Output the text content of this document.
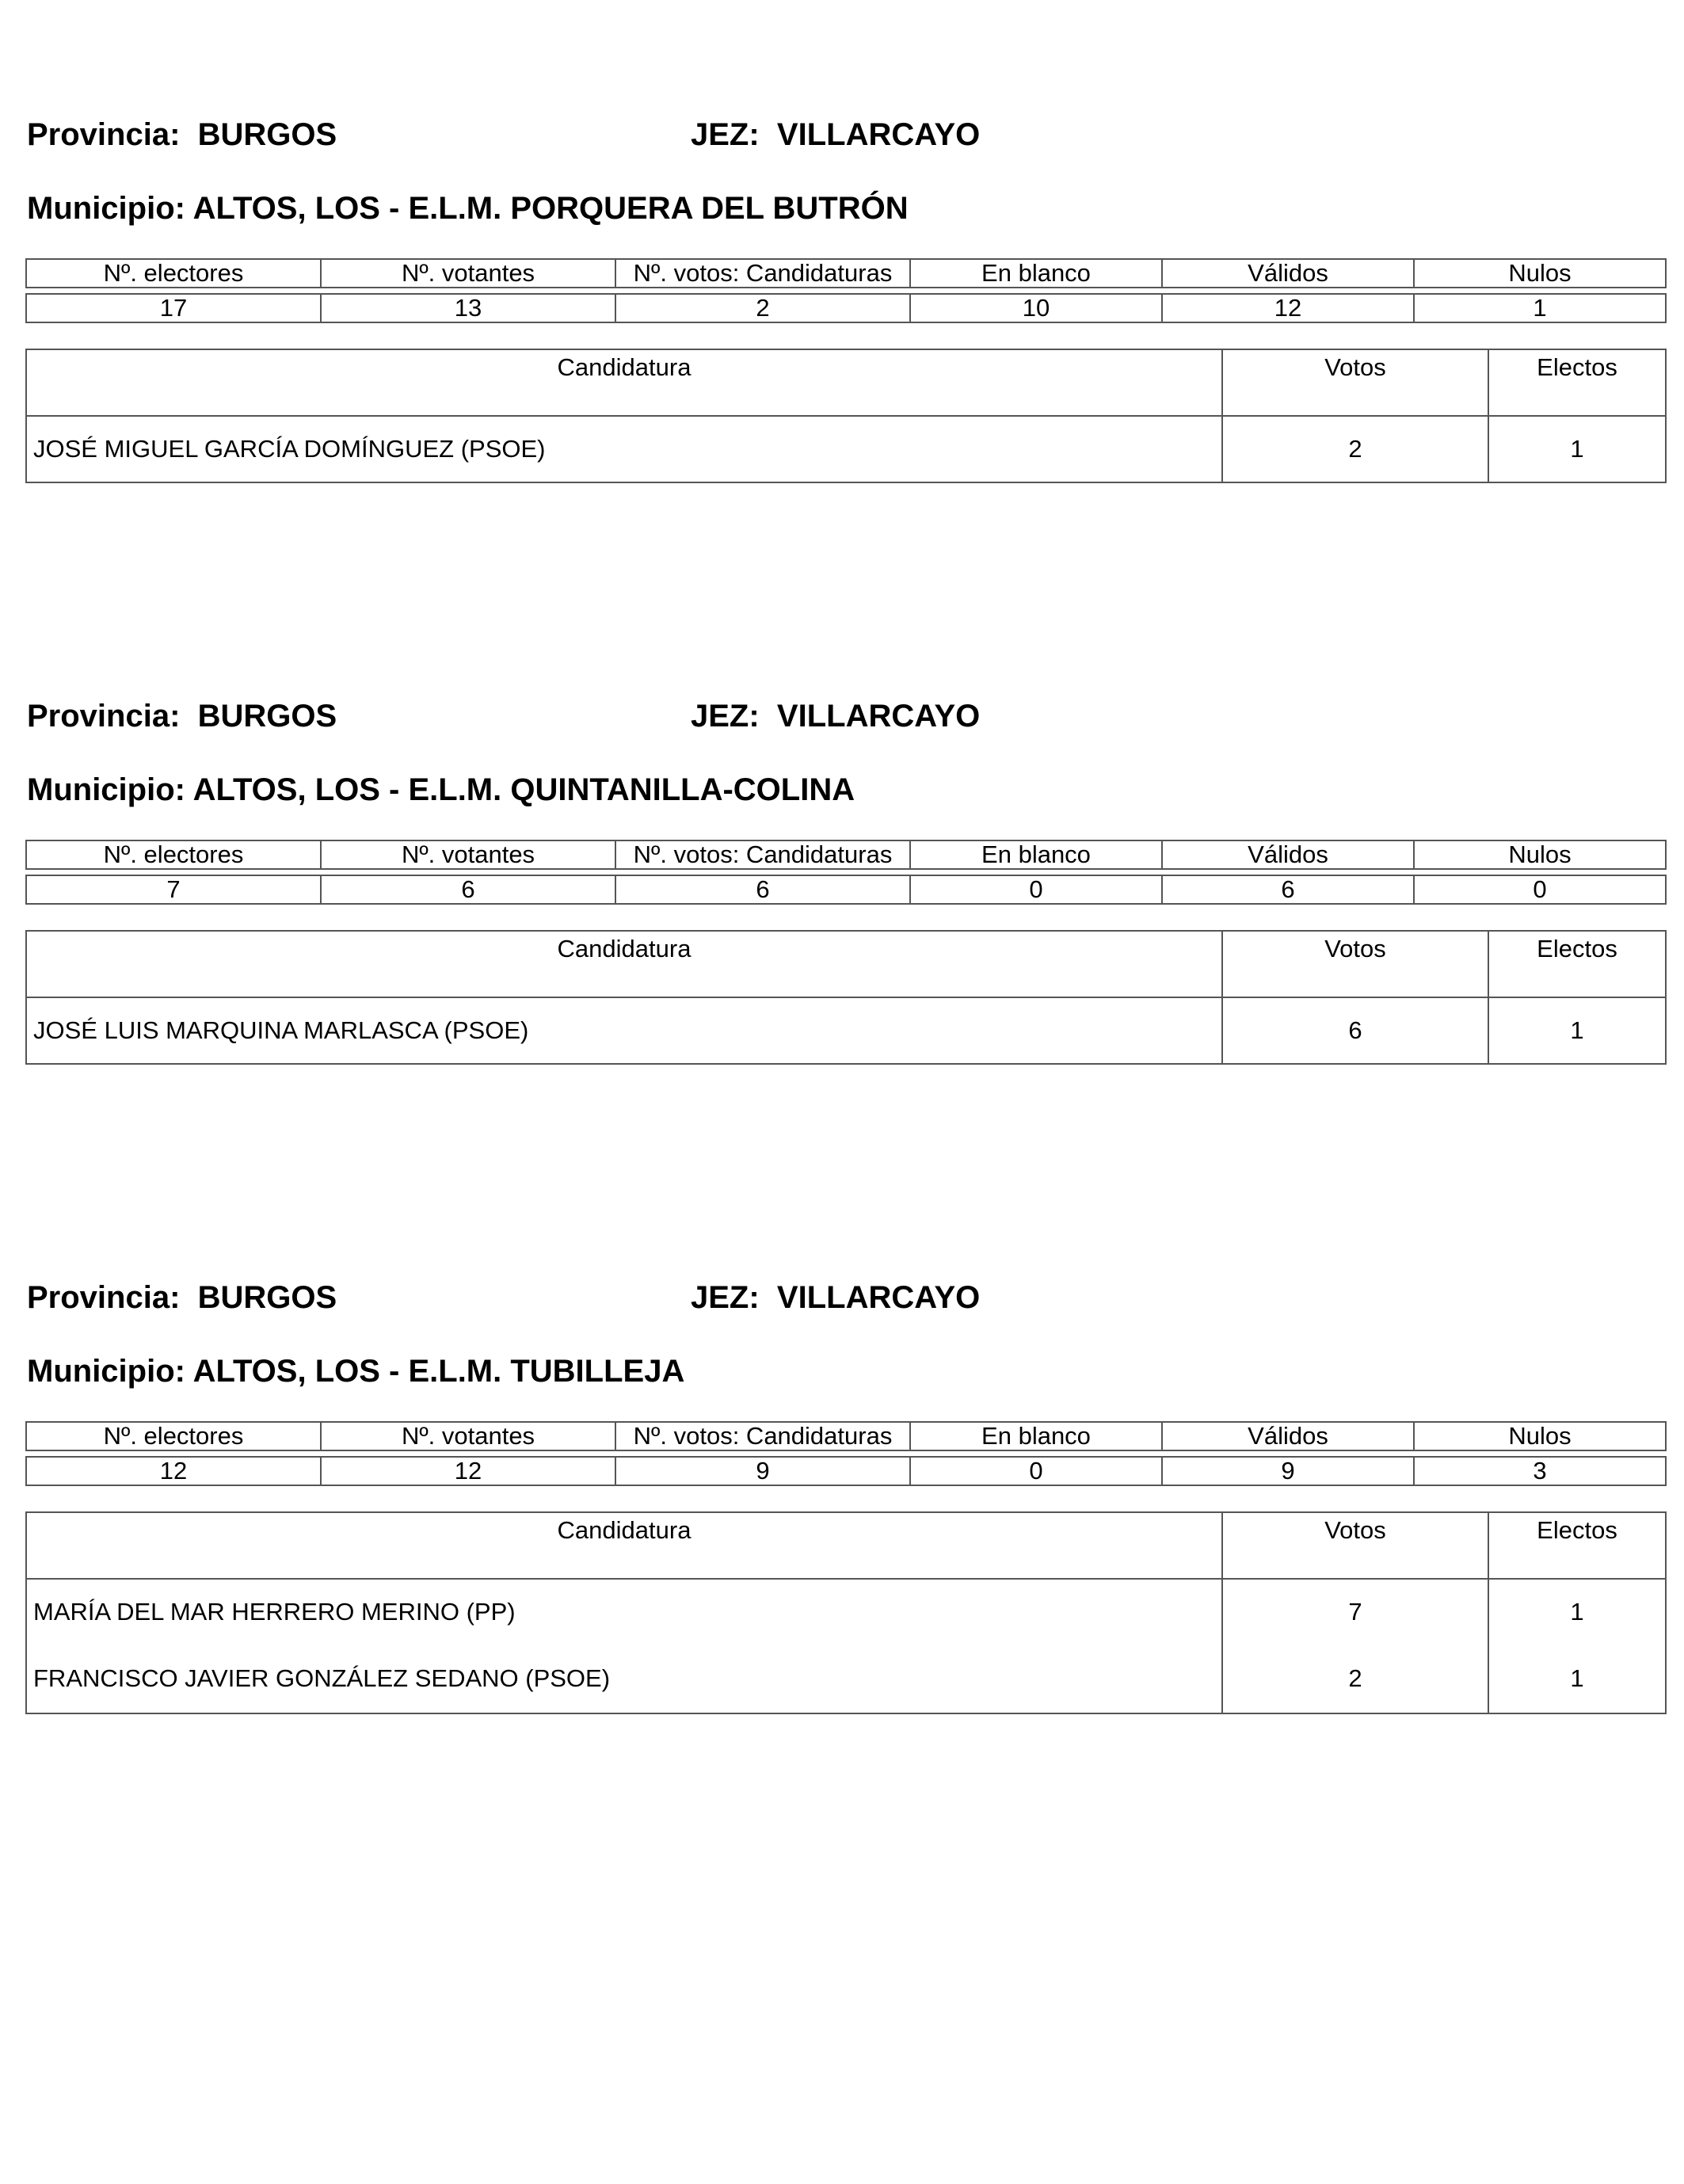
Provincia: BURGOS	JEZ: VILLARCAYO
Municipio: ALTOS, LOS - E.L.M. PORQUERA DEL BUTRÓN
Nº. electores	Nº. votantes	Nº. votos: Candidaturas	En blanco	Válidos	Nulos

17	13	2	10	12	1
Candidatura	Votos	Electos
JOSÉ MIGUEL GARCÍA DOMÍNGUEZ (PSOE)	2	1
Provincia: BURGOS	JEZ: VILLARCAYO
Municipio: ALTOS, LOS - E.L.M. QUINTANILLA-COLINA
Nº. electores	Nº. votantes	Nº. votos: Candidaturas	En blanco	Válidos	Nulos

7	6	6	0	6	0
Candidatura	Votos	Electos
JOSÉ LUIS MARQUINA MARLASCA (PSOE)	6	1
Provincia: BURGOS	JEZ: VILLARCAYO
Municipio: ALTOS, LOS - E.L.M. TUBILLEJA
Nº. electores	Nº. votantes	Nº. votos: Candidaturas	En blanco	Válidos	Nulos

12	12	9	0	9	3
Candidatura	Votos	Electos
MARÍA DEL MAR HERRERO MERINO (PP)	7	1
FRANCISCO JAVIER GONZÁLEZ SEDANO (PSOE)	2	1
